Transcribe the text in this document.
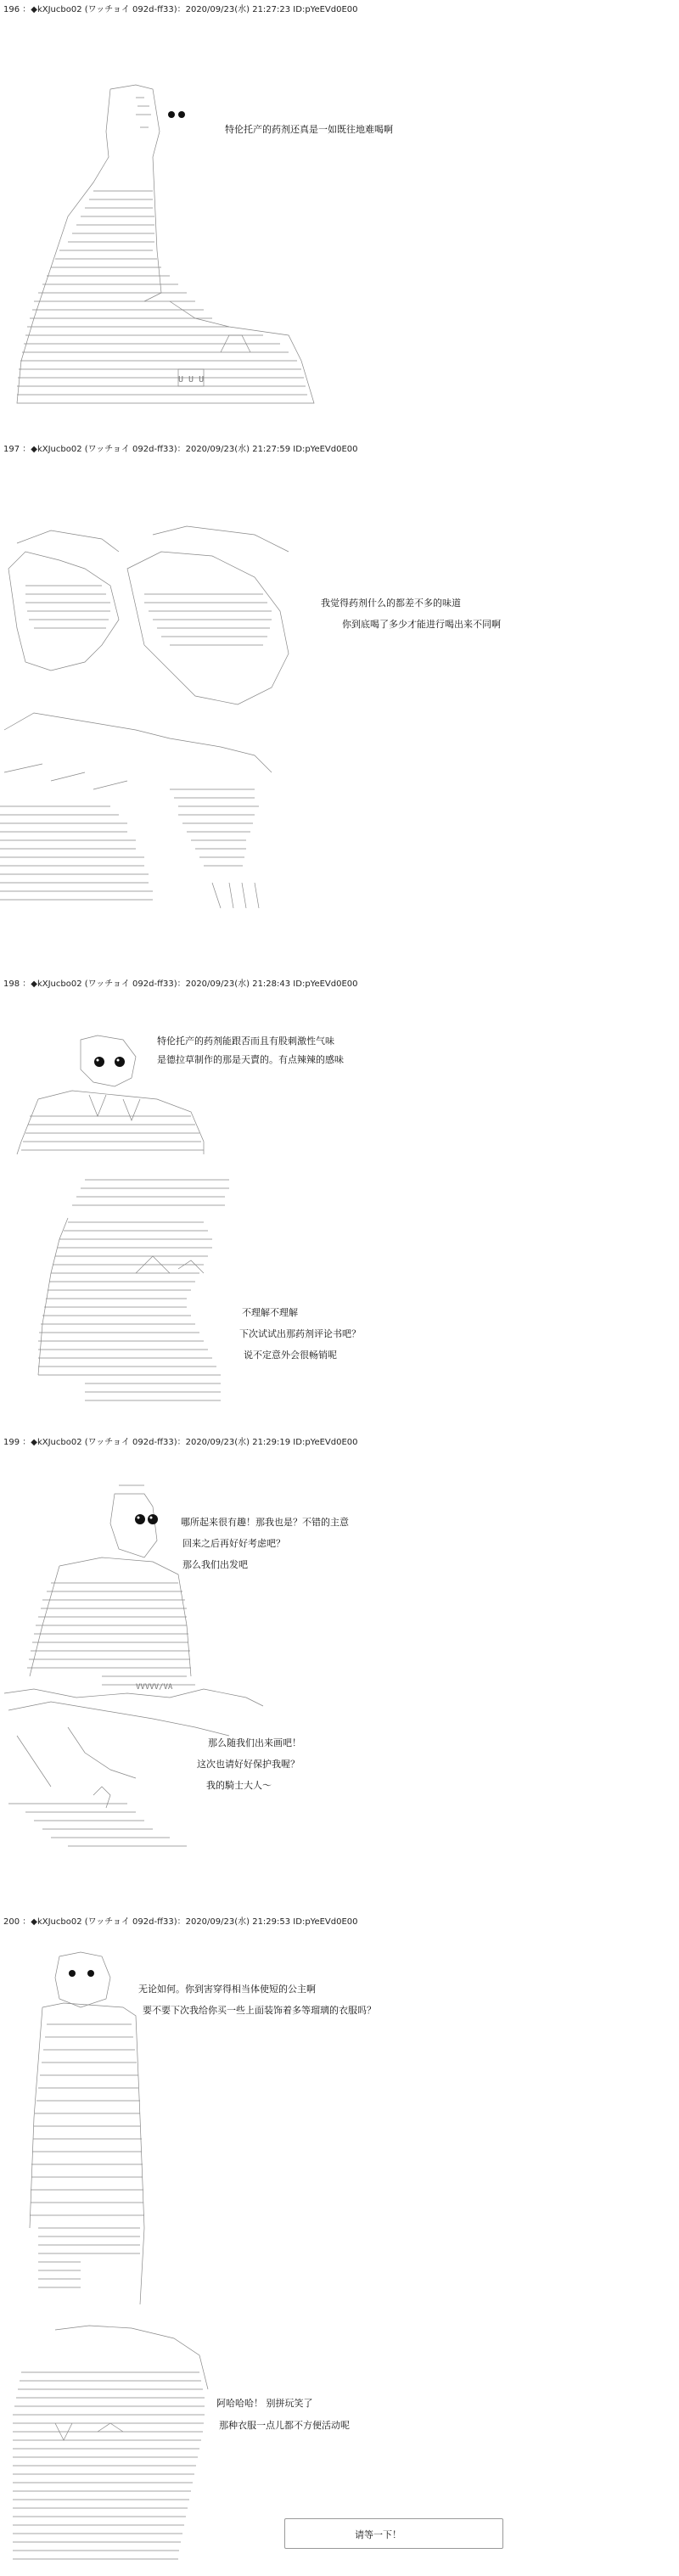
196 ：◆kXJucbo02 (ワッチョイ 092d-ff33)：2020/09/23(水) 21:27:23 ID:pYeEVd0E00
U U U
特伦托产的药剂还真是一如既往地难喝啊
197 ：◆kXJucbo02 (ワッチョイ 092d-ff33)：2020/09/23(水) 21:27:59 ID:pYeEVd0E00
我觉得药剂什么的都差不多的味道
你到底喝了多少才能进行喝出来不同啊
198 ：◆kXJucbo02 (ワッチョイ 092d-ff33)：2020/09/23(水) 21:28:43 ID:pYeEVd0E00
特伦托产的药剂能跟否而且有股刺激性气味
是德拉草制作的那是天賣的。有点辣辣的感味
不理解不理解
下次试试出那药剂评论书吧？
说不定意外会很畅销呢
199 ：◆kXJucbo02 (ワッチョイ 092d-ff33)：2020/09/23(水) 21:29:19 ID:pYeEVd0E00
VVVVV/VA
哪所起来很有趣！那我也是？不错的主意
回来之后再好好考虑吧？
那么我们出发吧
那么随我们出来画吧！
这次也请好好保护我喔？
我的騎士大人～
200 ：◆kXJucbo02 (ワッチョイ 092d-ff33)：2020/09/23(水) 21:29:53 ID:pYeEVd0E00
无论如何。你到害穿得相当体使短的公主啊
要不要下次我给你买一些上面装饰着多等瑠璃的衣服吗？
阿哈哈哈！ 别拼玩笑了
那种衣服一点儿都不方便活动呢
请等一下！
